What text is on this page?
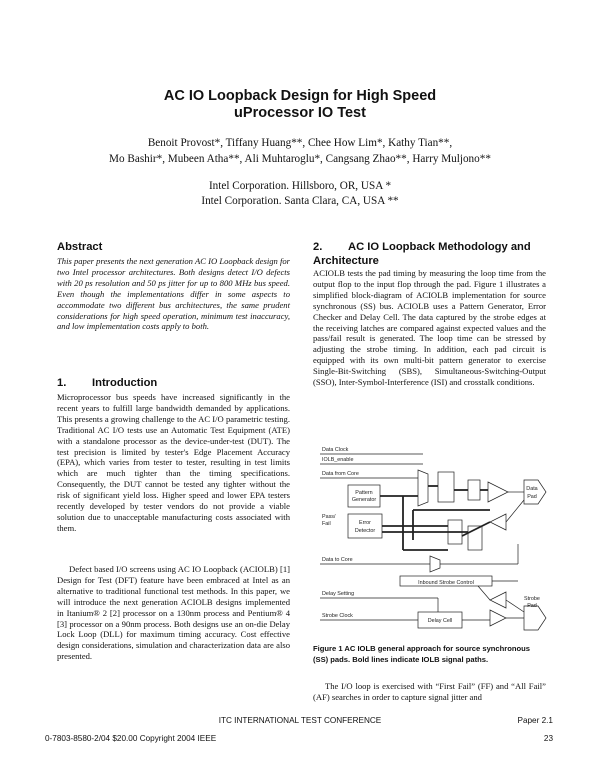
AC IO Loopback Design for High Speed
uProcessor IO Test
Benoit Provost*, Tiffany Huang**, Chee How Lim*, Kathy Tian**,
Mo Bashir*, Mubeen Atha**, Ali Muhtaroglu*, Cangsang Zhao**, Harry Muljono**
Intel Corporation. Hillsboro, OR, USA *
Intel Corporation. Santa Clara, CA, USA **
Abstract
This paper presents the next generation AC IO Loopback design for two Intel processor architectures. Both designs detect I/O defects with 20 ps resolution and 50 ps jitter for up to 800 MHz bus speed. Even though the implementations differ in some aspects to accommodate two different bus architectures, the same prudent considerations for high speed operation, minimum test inaccuracy, and low implementation costs apply to both.
1. Introduction
Microprocessor bus speeds have increased significantly in the recent years to fulfill large bandwidth demanded by applications. This presents a growing challenge to the AC I/O parametric testing. Traditional AC I/O tests use an Automatic Test Equipment (ATE) with a standalone processor as the device-under-test (DUT). The test precision is limited by tester's Edge Placement Accuracy (EPA), which varies from tester to tester, resulting in test limits which are much tighter than the timing specifications. Consequently, the DUT cannot be tested any tighter without the risk of significant yield loss. Higher speed and lower EPA testers recently developed by tester vendors do not provide a viable solution due to unacceptable manufacturing costs associated with them.
Defect based I/O screens using AC IO Loopback (ACIOLB) [1] Design for Test (DFT) feature have been embraced at Intel as an alternative to traditional functional test methods. In this paper, we will introduce the next generation ACIOLB designs implemented in Itanium® 2 [2] processor on a 130nm process and Pentium® 4 [3] processor on a 90nm process. Both designs use an on-die Delay Lock Loop (DLL) for maximum timing accuracy. Cost effective design considerations, simulation and characterization data are also presented.
2.	AC IO Loopback Methodology and Architecture
ACIOLB tests the pad timing by measuring the loop time from the output flop to the input flop through the pad. Figure 1 illustrates a simplified block-diagram of ACIOLB implementation for source synchronous (SS) bus. ACIOLB uses a Pattern Generator, Error Checker and Delay Cell. The data captured by the strobe edges at the receiving latches are compared against expected values and the pass/fail result is generated. The loop time can be stressed by adjusting the strobe timing. In addition, each pad circuit is equipped with its own multi-bit pattern generator to exercise Single-Bit-Switching (SBS), Simultaneous-Switching-Output (SSO), Inter-Symbol-Interference (ISI) and crosstalk conditions.
Data Clock
IOLB_enable
Data from Core
Pattern
Generator
Pass/
Fail	Error
Detector
Data
Pad
Data to Core
Inbound Strobe Control
Delay Setting
Strobe
Pad
Strobe Clock
Delay Cell
Figure 1 AC IOLB general approach for source synchronous
(SS) pads. Bold lines indicate IOLB signal paths.
The I/O loop is exercised with “First Fail” (FF) and “All Fail” (AF) searches in order to capture signal jitter and
ITC INTERNATIONAL TEST CONFERENCE	Paper 2.1
0-7803-8580-2/04 $20.00 Copyright 2004 IEEE	23
